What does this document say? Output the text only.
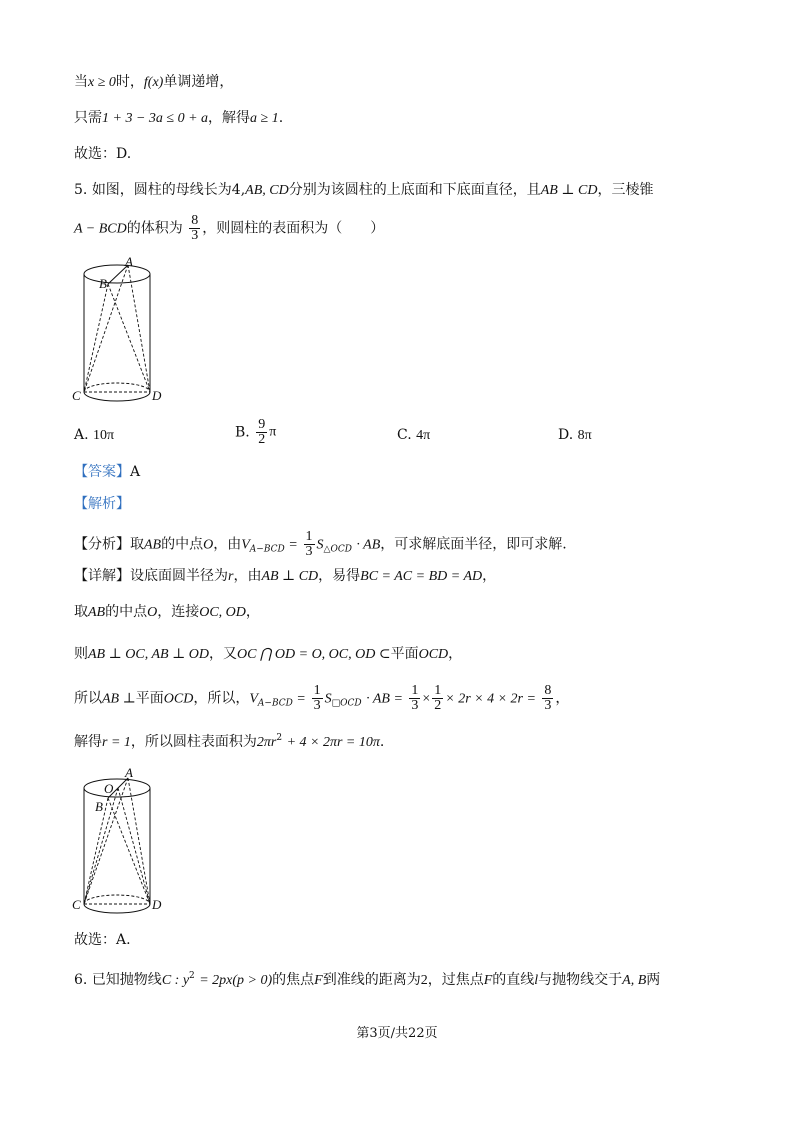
当x ≥ 0时，f(x)单调递增，
只需1 + 3 − 3a ≤ 0 + a，解得a ≥ 1.
故选：D.
5. 如图，圆柱的母线长为4,AB, CD分别为该圆柱的上底面和下底面直径，且AB ⊥ CD，三棱锥
A − BCD的体积为 $\frac{8}{3}$ ，则圆柱的表面积为（　　）
A
B
C	D
A. 10π	B. $\frac{9}{2}$ π	C. 4π	D. 8π
【答案】A
【解析】
【分析】取AB的中点O，由$V_{A-BCD} = \frac{1}{3} S_{\triangle OCD}$ · AB，可求解底面半径，即可求解.
【详解】设底面圆半径为r，由AB ⊥ CD，易得BC = AC = BD = AD，
取AB的中点O，连接OC, OD，
则AB ⊥ OC, AB ⊥ OD，又OC ⋂ OD = O, OC, OD ⊂平面OCD，
所以AB ⊥平面OCD，所以，$V_{A-BCD} = \frac{1}{3} S_{□OCD}$ · AB = $\frac{1}{3} \times \frac{1}{2} \times 2r \times 4 \times 2r = \frac{8}{3}$ ，
解得r = 1，所以圆柱表面积为$2\pi r^2 + 4 \times 2\pi r = 10\pi$.
A
O
B
C	D
故选：A.
6. 已知抛物线C : $y^2 = 2px(p > 0)$的焦点F到准线的距离为2，过焦点F的直线l与抛物线交于A, B两
第3页/共22页
